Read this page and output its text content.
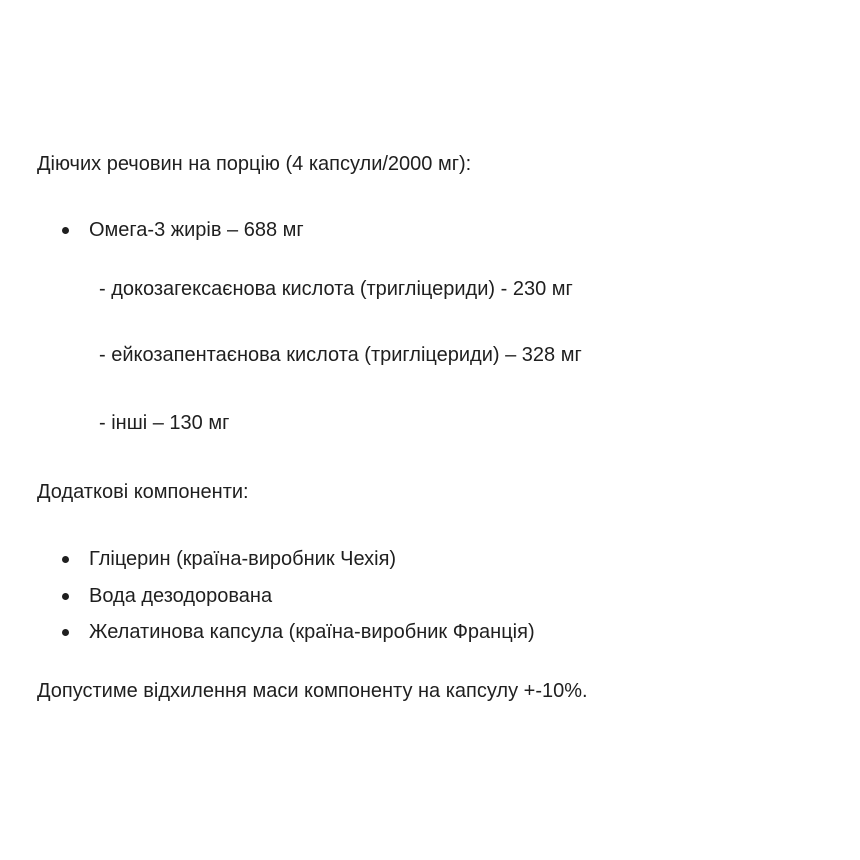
Діючих речовин на порцію (4 капсули/2000 мг):
Омега-3 жирів – 688 мг
- докозагексаєнова кислота (тригліцериди) - 230 мг
- ейкозапентаєнова кислота (тригліцериди) – 328 мг
- інші – 130 мг
Додаткові компоненти:
Гліцерин (країна-виробник Чехія)
Вода дезодорована
Желатинова капсула (країна-виробник Франція)
Допустиме відхилення маси компоненту на капсулу +-10%.
